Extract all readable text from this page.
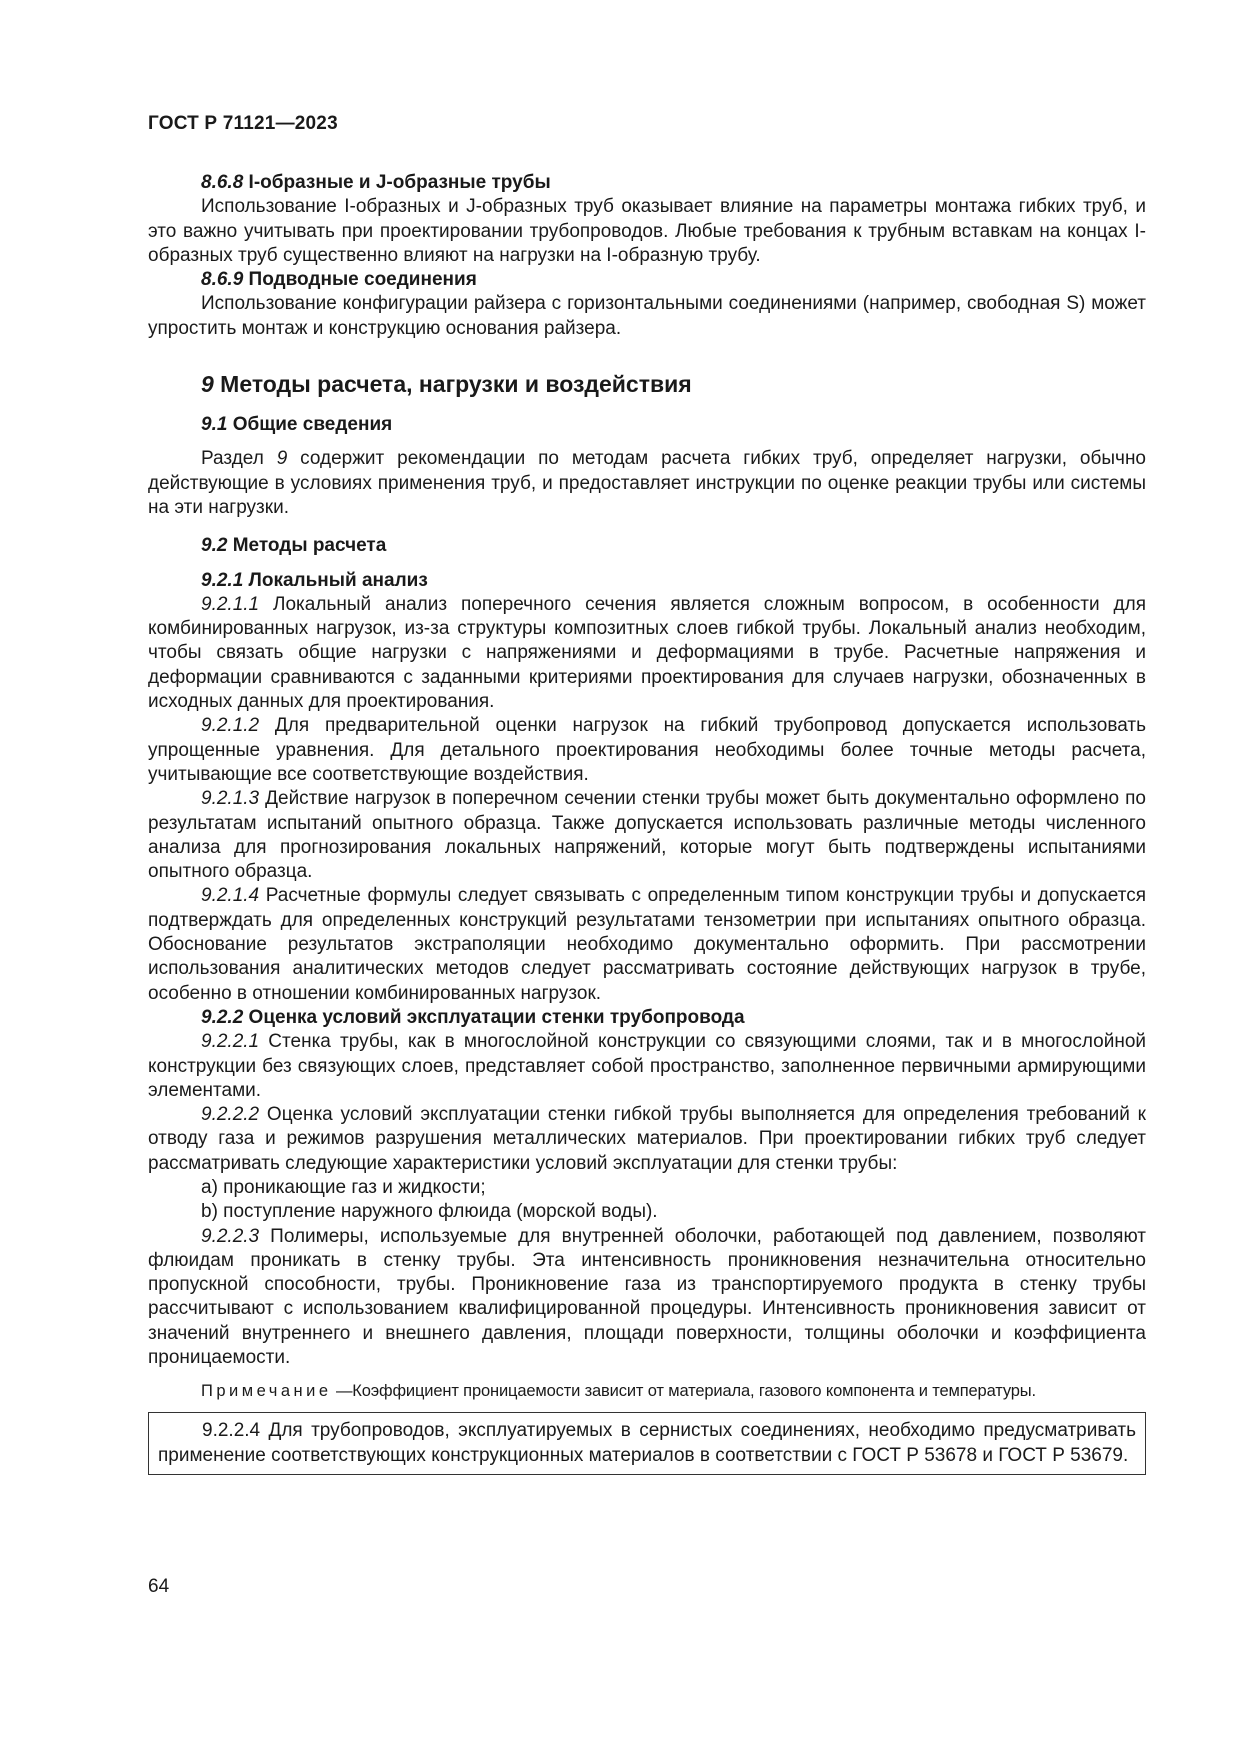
ГОСТ Р 71121—2023

8.6.8 I-образные и J-образные трубы

Использование I-образных и J-образных труб оказывает влияние на параметры монтажа гибких труб, и это важно учитывать при проектировании трубопроводов. Любые требования к трубным вставкам на концах I-образных труб существенно влияют на нагрузки на I-образную трубу.

8.6.9 Подводные соединения

Использование конфигурации райзера с горизонтальными соединениями (например, свободная S) может упростить монтаж и конструкцию основания райзера.

9 Методы расчета, нагрузки и воздействия

9.1 Общие сведения

Раздел 9 содержит рекомендации по методам расчета гибких труб, определяет нагрузки, обычно действующие в условиях применения труб, и предоставляет инструкции по оценке реакции трубы или системы на эти нагрузки.

9.2 Методы расчета

9.2.1 Локальный анализ

9.2.1.1 Локальный анализ поперечного сечения является сложным вопросом, в особенности для комбинированных нагрузок, из-за структуры композитных слоев гибкой трубы. Локальный анализ необходим, чтобы связать общие нагрузки с напряжениями и деформациями в трубе. Расчетные напряжения и деформации сравниваются с заданными критериями проектирования для случаев нагрузки, обозначенных в исходных данных для проектирования.

9.2.1.2 Для предварительной оценки нагрузок на гибкий трубопровод допускается использовать упрощенные уравнения. Для детального проектирования необходимы более точные методы расчета, учитывающие все соответствующие воздействия.

9.2.1.3 Действие нагрузок в поперечном сечении стенки трубы может быть документально оформлено по результатам испытаний опытного образца. Также допускается использовать различные методы численного анализа для прогнозирования локальных напряжений, которые могут быть подтверждены испытаниями опытного образца.

9.2.1.4 Расчетные формулы следует связывать с определенным типом конструкции трубы и допускается подтверждать для определенных конструкций результатами тензометрии при испытаниях опытного образца. Обоснование результатов экстраполяции необходимо документально оформить. При рассмотрении использования аналитических методов следует рассматривать состояние действующих нагрузок в трубе, особенно в отношении комбинированных нагрузок.

9.2.2 Оценка условий эксплуатации стенки трубопровода

9.2.2.1 Стенка трубы, как в многослойной конструкции со связующими слоями, так и в многослойной конструкции без связующих слоев, представляет собой пространство, заполненное первичными армирующими элементами.

9.2.2.2 Оценка условий эксплуатации стенки гибкой трубы выполняется для определения требований к отводу газа и режимов разрушения металлических материалов. При проектировании гибких труб следует рассматривать следующие характеристики условий эксплуатации для стенки трубы:

а) проникающие газ и жидкости;

b) поступление наружного флюида (морской воды).

9.2.2.3 Полимеры, используемые для внутренней оболочки, работающей под давлением, позволяют флюидам проникать в стенку трубы. Эта интенсивность проникновения незначительна относительно пропускной способности, трубы. Проникновение газа из транспортируемого продукта в стенку трубы рассчитывают с использованием квалифицированной процедуры. Интенсивность проникновения зависит от значений внутреннего и внешнего давления, площади поверхности, толщины оболочки и коэффициента проницаемости.

Примечание —Коэффициент проницаемости зависит от материала, газового компонента и температуры.

9.2.2.4 Для трубопроводов, эксплуатируемых в сернистых соединениях, необходимо предусматривать применение соответствующих конструкционных материалов в соответствии с ГОСТ Р 53678 и ГОСТ Р 53679.

64
